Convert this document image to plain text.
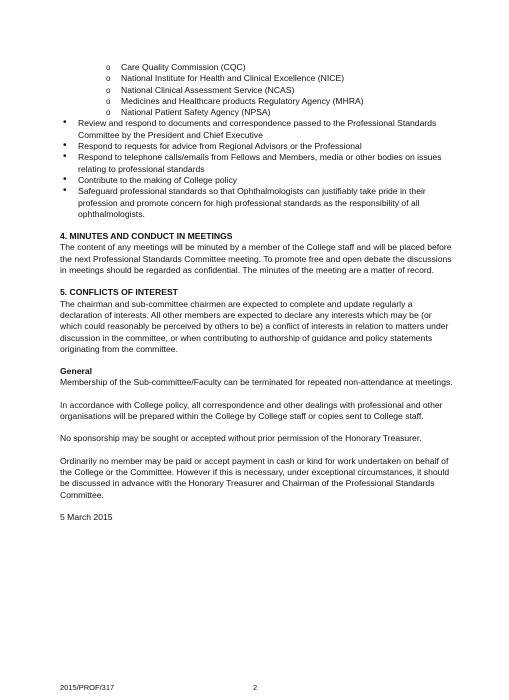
o Care Quality Commission (CQC)
o National Institute for Health and Clinical Excellence (NICE)
o National Clinical Assessment Service (NCAS)
o Medicines and Healthcare products Regulatory Agency (MHRA)
o National Patient Safety Agency (NPSA)
• Review and respond to documents and correspondence passed to the Professional Standards Committee by the President and Chief Executive
• Respond to requests for advice from Regional Advisors or the Professional
• Respond to telephone calls/emails from Fellows and Members, media or other bodies on issues relating to professional standards
• Contribute to the making of College policy
• Safeguard professional standards so that Ophthalmologists can justifiably take pride in their profession and promote concern for high professional standards as the responsibility of all ophthalmologists.
4. MINUTES AND CONDUCT IN MEETINGS

The content of any meetings will be minuted by a member of the College staff and will be placed before the next Professional Standards Committee meeting. To promote free and open debate the discussions in meetings should be regarded as confidential. The minutes of the meeting are a matter of record.

5. CONFLICTS OF INTEREST

The chairman and sub-committee chairmen are expected to complete and update regularly a declaration of interests. All other members are expected to declare any interests which may be (or which could reasonably be perceived by others to be) a conflict of interests in relation to matters under discussion in the committee, or when contributing to authorship of guidance and policy statements originating from the committee.

General

Membership of the Sub-committee/Faculty can be terminated for repeated non-attendance at meetings.

In accordance with College policy, all correspondence and other dealings with professional and other organisations will be prepared within the College by College staff or copies sent to College staff.

No sponsorship may be sought or accepted without prior permission of the Honorary Treasurer.

Ordinarily no member may be paid or accept payment in cash or kind for work undertaken on behalf of the College or the Committee. However if this is necessary, under exceptional circumstances, it should be discussed in advance with the Honorary Treasurer and Chairman of the Professional Standards Committee.

5 March 2015

2015/PROF/317	2
